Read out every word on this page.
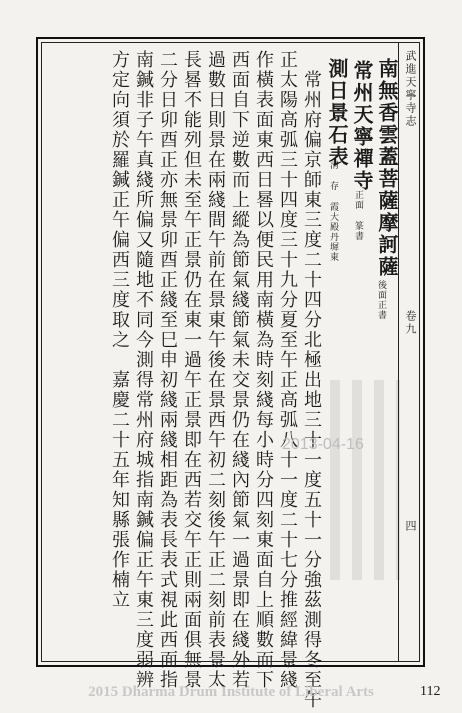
武進天寧寺志
卷九
四
南無香雲蓋菩薩摩訶薩
後面正書
常州天寧禪寺
正面 篆書
測日景石表
清 存 霞大殿丹墀東
常州府偏京師東三度二十四分北極出地三十一度五十一分強茲測得冬至午
正太陽高弧三十四度三十九分夏至午正高弧八十一度二十七分推經緯景綫
作橫表面東西日晷以便民用南橫為時刻綫每小時分四刻東面自上順數而下
西面自下逆數而上縱為節氣綫節氣未交景仍在綫內節氣一過景即在綫外若
過數日則景在兩綫間午前在景東午後在景西午初二刻後午正二刻前表景太
長晷不能列但未至午正景仍在東一過午正景即在西若交午正則兩面俱無景
二分日卯酉正亦無景卯酉正綫至巳申初綫兩綫相距為表長表式視此西面指
南鍼非子午真綫所偏又隨地不同今測得常州府城指南鍼偏正午東三度弱辨
方定向須於羅鍼正午偏西三度取之　嘉慶二十五年知縣張作楠立	2013-04-16
2015 Dharma Drum Institute of Liberal Arts	112
